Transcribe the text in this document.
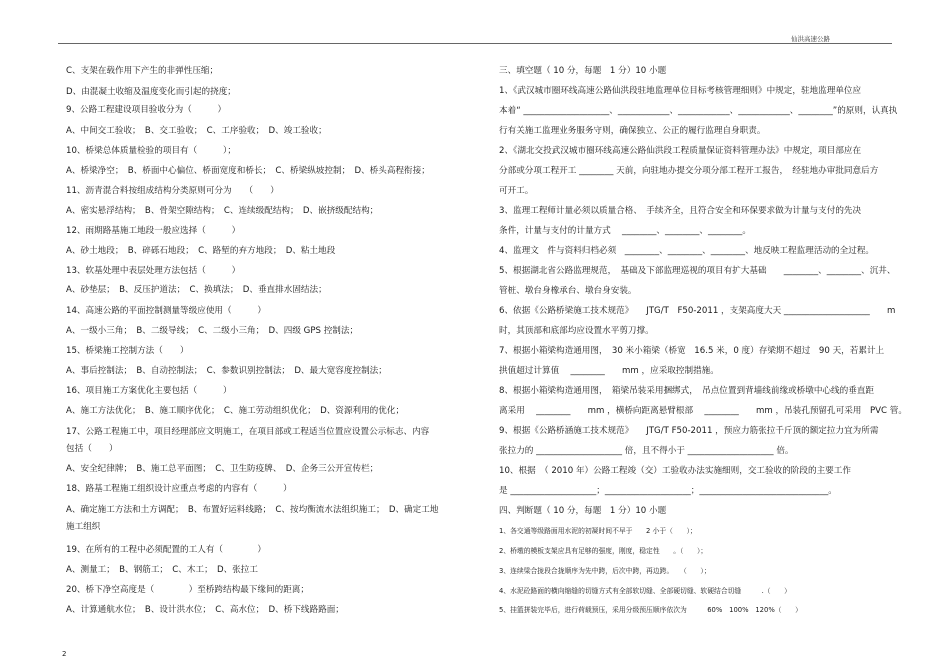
仙洪高速公路
C、支架在载作用下产生的非弹性压缩；
D、由混凝土收缩及温度变化而引起的挠度；
9、公路工程建设项目验收分为（　　　）
A、中间交工验收；　B、交工验收；　C、工序验收；　D、竣工验收；
10、桥梁总体质量检验的项目有（　　　）；
A、桥梁净空；　B、桥面中心偏位、桥面宽度和桥长；　C、桥梁纵坡控制；　D、桥头高程衔接；
11、沥青混合料按组成结构分类原则可分为　　（　　）
A、密实悬浮结构；　B、骨架空隙结构；　C、连续级配结构；　D、嵌挤级配结构；
12、雨期路基施工地段一般应选择（　　　）
A、砂土地段；　B、碎砾石地段；　C、路堑的弃方地段；　D、粘土地段
13、软基处理中表层处理方法包括（　　　）
A、砂垫层；　B、反压护道法；　C、换填法；　D、垂直排水固结法；
14、高速公路的平面控制测量等级应使用（　　　）
A、一级小三角；　B、二级导线；　C、二级小三角；　D、四级 GPS 控制法；
15、桥梁施工控制方法（　　）
A、事后控制法；　B、自动控制法；　C、参数识别控制法；　D、最大宽容度控制法；
16、项目施工方案优化主要包括（　　　）
A、施工方法优化；　B、施工顺序优化；　C、施工劳动组织优化；　D、资源利用的优化；
17、公路工程施工中，项目经理部应文明施工，在项目部或工程适当位置应设置公示标志、内容
包括（　　）
A、安全纪律牌；　B、施工总平面图；　C、卫生防疫牌、　D、企务三公开宣传栏；
18、路基工程施工组织设计应重点考虑的内容有（　　　）
A、确定施工方法和土方调配；　B、布置好运料线路；　C、按均衡流水法组织施工；　D、确定工地
施工组织
19、在所有的工程中必须配置的工人有（　　　　）
A、测量工；　B、钢筋工；　C、木工；　D、张拉工
20、桥下净空高度是（　　　　）至桥跨结构最下缘间的距离；
A、计算通航水位；　B、设计洪水位；　C、高水位；　D、桥下线路路面；
三、填空题（ 10 分，每题　1 分）10 小题
1、《武汉城市圈环线高速公路仙洪段驻地监理单位目标考核管理细则》中规定，驻地监理单位应
本着“ ____________________、____________、____________、____________、________”的原则，认真执
行有关施工监理业务服务守则，确保独立、公正的履行监理自身职责。
2、《湖北交投武汉城市圈环线高速公路仙洪段工程质量保证资料管理办法》中规定，项目部应在
分部或分项工程开工 ________ 天前，向驻地办提交分项分部工程开工报告，　经驻地办审批同意后方
可开工。
3、监理工程师计量必须以质量合格、　手续齐全，且符合安全和环保要求做为计量与支付的先决
条件，计量与支付的计量方式　 ________、________、________。
4、监理文　件与资料归档必须　________、________、________、地反映工程监理活动的全过程。
5、根据湖北省公路监理规范，　基础及下部监理巡视的项目有扩大基础　　________、________、沉井、
管桩、墩台身橡承台、墩台身安装。
6、依据《公路桥梁施工技术规范》　　JTG/T　F50-2011 ，支架高度大天 ____________________　　m
时，其顶部和底部均应设置水平剪刀撑。
7、根据小箱梁构造通用图，　30 米小箱梁（桥宽　16.5 米，0 度）存梁期不超过　90 天，若累计上
拱值超过计算值　 ________　　mm ，应采取控制措施。
8、根据小箱梁构造通用图，　箱梁吊装采用捆绑式，　吊点位置到背墙线前缘或桥墩中心线的垂直距
离采用　 ________　　mm ，横桥向距离悬臂根部　 ________　　mm ，吊装孔预留孔可采用　PVC 管。
9、根据《公路桥涵施工技术规范》　　JTG/T F50-2011 ，预应力筋张拉千斤顶的额定拉力宜为所需
张拉力的 ____________________ 倍，且不得小于 ____________________ 倍。
10、根据　（ 2010 年）公路工程竣（交）工验收办法实施细则，交工验收的阶段的主要工作
是 ____________________；____________________；______________________________。
四、判断题（ 10 分，每题　1 分）10 小题
1、各交通等级路面用水泥的初凝时间不早于　　2 小于（　　）；
2、桥墩的模板支架应具有足够的强度，刚度，稳定性　　。（　　）；
3、连续梁合拢段合拢顺序为先中跨，后次中跨，再边跨。　　（　　）；
4、水泥砼路面的横向缩缝的切缝方式有全部软切缝、全部硬切缝、软硬结合切缝　　　.（　　）
5、挂篮拼装完毕后，进行荷载预压，采用分级预压顺序依次为　　　60%　100%　120%（　　）
2
